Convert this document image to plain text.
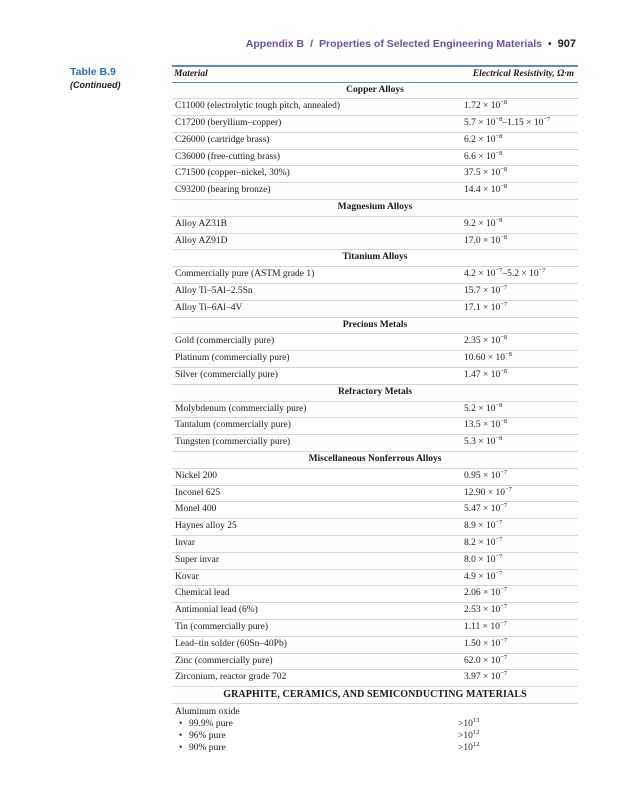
Appendix B / Properties of Selected Engineering Materials • 907
Table B.9
(Continued)
Material	Electrical Resistivity, Ω·m
Copper Alloys
C11000 (electrolytic tough pitch, annealed)	$1.72 \times 10^{-8}$
C17200 (beryllium–copper)	$5.7 \times 10^{-8}-1.15 \times 10^{-7}$
C26000 (cartridge brass)	$6.2 \times 10^{-8}$
C36000 (free-cutting brass)	$6.6 \times 10^{-8}$
C71500 (copper–nickel, 30%)	$37.5 \times 10^{-8}$
C93200 (bearing bronze)	$14.4 \times 10^{-8}$
Magnesium Alloys
Alloy AZ31B	$9.2 \times 10^{-8}$
Alloy AZ91D	$17.0 \times 10^{-8}$
Titanium Alloys
Commercially pure (ASTM grade 1)	$4.2 \times 10^{-7}-5.2 \times 10^{-7}$
Alloy Ti–5Al–2.5Sn	$15.7 \times 10^{-7}$
Alloy Ti–6Al–4V	$17.1 \times 10^{-7}$
Precious Metals
Gold (commercially pure)	$2.35 \times 10^{-8}$
Platinum (commercially pure)	$10.60 \times 10^{-8}$
Silver (commercially pure)	$1.47 \times 10^{-8}$
Refractory Metals
Molybdenum (commercially pure)	$5.2 \times 10^{-8}$
Tantalum (commercially pure)	$13.5 \times 10^{-8}$
Tungsten (commercially pure)	$5.3 \times 10^{-8}$
Miscellaneous Nonferrous Alloys
Nickel 200	$0.95 \times 10^{-7}$
Inconel 625	$12.90 \times 10^{-7}$
Monel 400	$5.47 \times 10^{-7}$
Haynes alloy 25	$8.9 \times 10^{-7}$
Invar	$8.2 \times 10^{-7}$
Super invar	$8.0 \times 10^{-7}$
Kovar	$4.9 \times 10^{-7}$
Chemical lead	$2.06 \times 10^{-7}$
Antimonial lead (6%)	$2.53 \times 10^{-7}$
Tin (commercially pure)	$1.11 \times 10^{-7}$
Lead–tin solder (60Sn–40Pb)	$1.50 \times 10^{-7}$
Zinc (commercially pure)	$62.0 \times 10^{-7}$
Zirconium, reactor grade 702	$3.97 \times 10^{-7}$
GRAPHITE, CERAMICS, AND SEMICONDUCTING MATERIALS
Aluminum oxide
• 99.9% pure	$>10^{13}$
• 96% pure	$>10^{12}$
• 90% pure	$>10^{12}$
